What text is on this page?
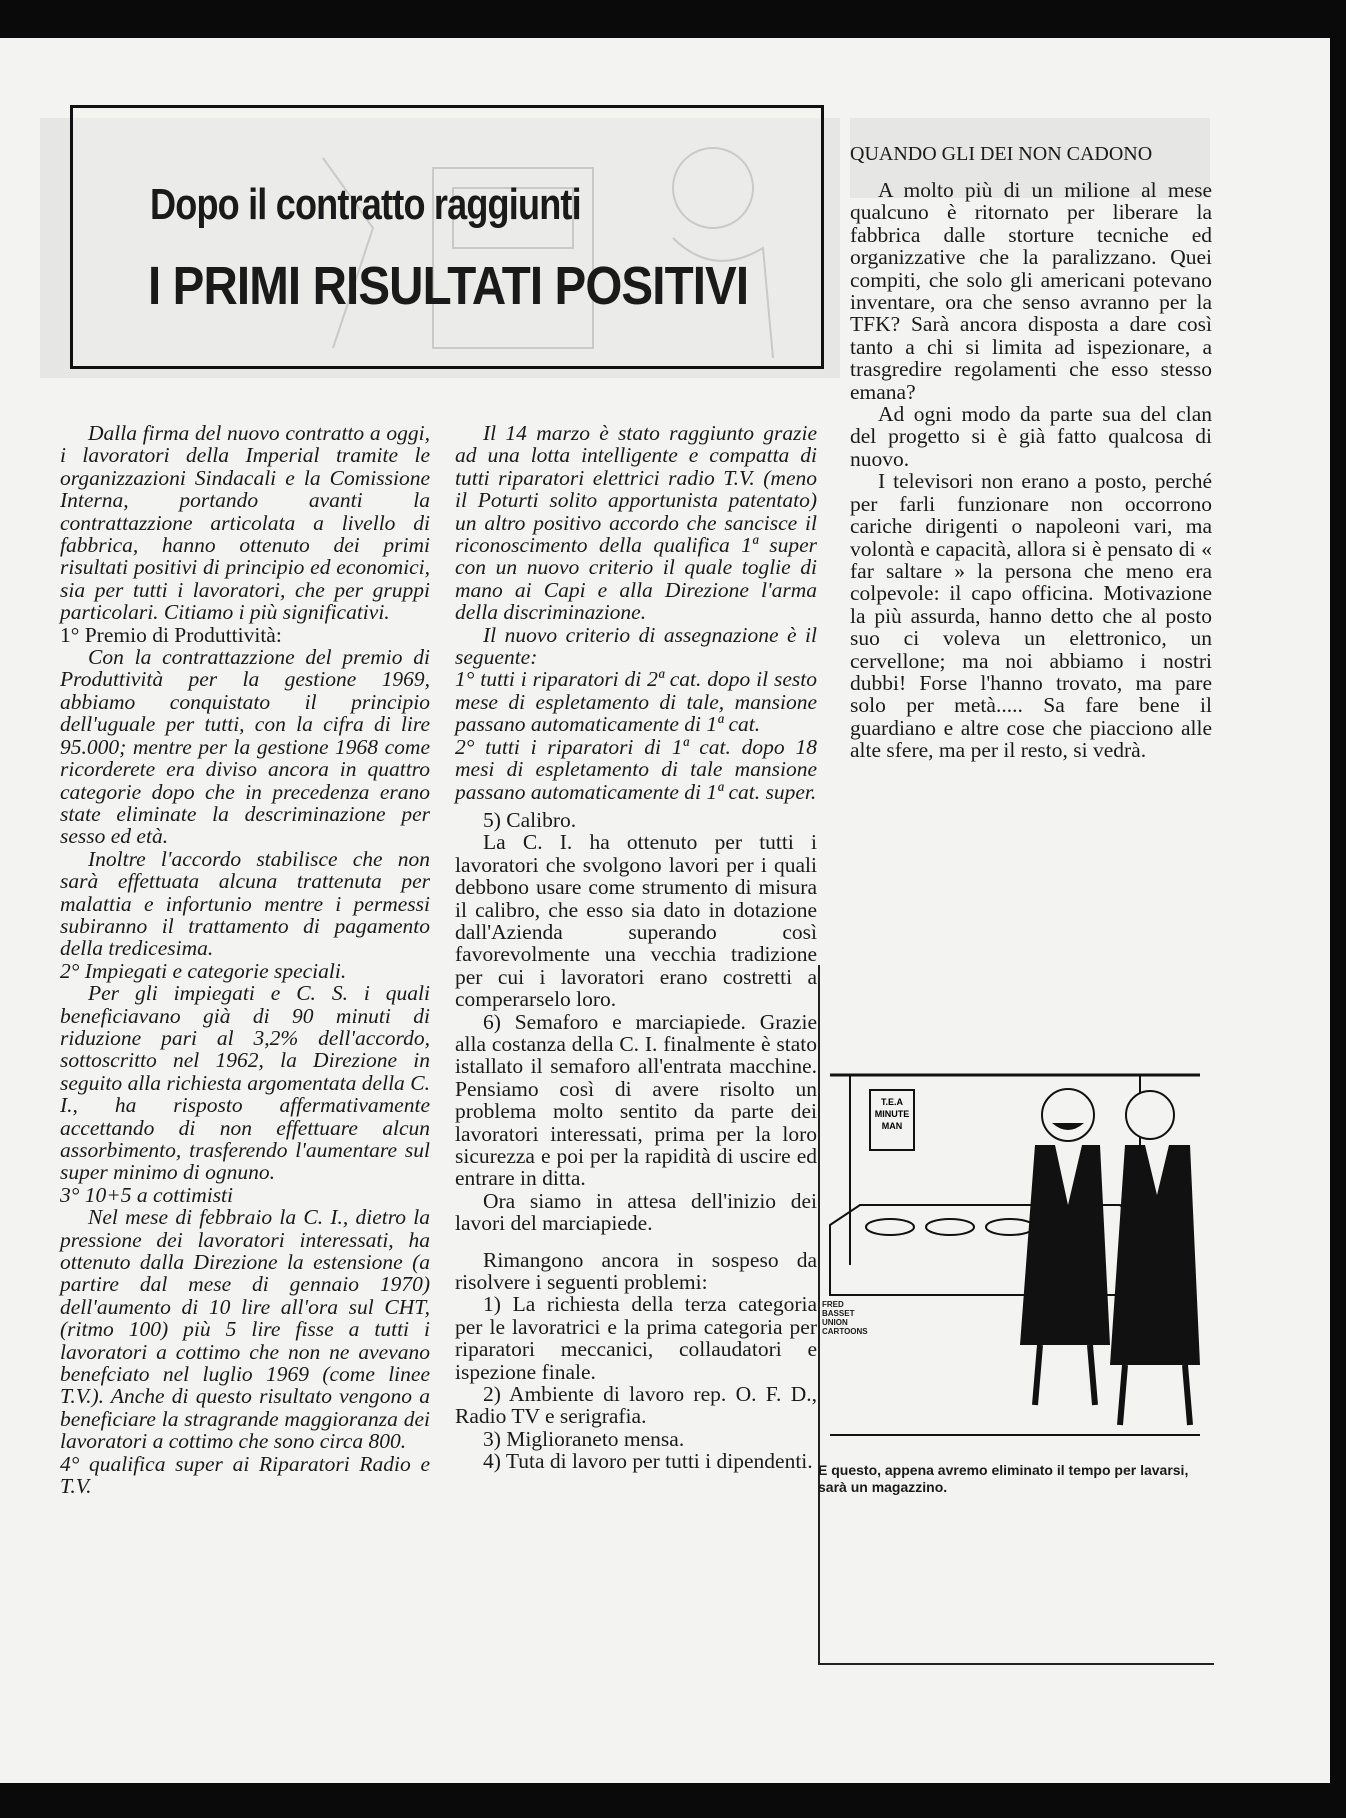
Dopo il contratto raggiunti
I PRIMI RISULTATI POSITIVI

Dalla firma del nuovo contratto a oggi, i lavoratori della Imperial tramite le organizzazioni Sindacali e la Comissione Interna, portando avanti la contrattazzione articolata a livello di fabbrica, hanno ottenuto dei primi risultati positivi di principio ed economici, sia per tutti i lavoratori, che per gruppi particolari. Citiamo i più significativi.

1° Premio di Produttività:

Con la contrattazzione del premio di Produttività per la gestione 1969, abbiamo conquistato il principio dell'uguale per tutti, con la cifra di lire 95.000; mentre per la gestione 1968 come ricorderete era diviso ancora in quattro categorie dopo che in precedenza erano state eliminate la descriminazione per sesso ed età.

Inoltre l'accordo stabilisce che non sarà effettuata alcuna trattenuta per malattia e infortunio mentre i permessi subiranno il trattamento di pagamento della tredicesima.

2° Impiegati e categorie speciali.

Per gli impiegati e C. S. i quali beneficiavano già di 90 minuti di riduzione pari al 3,2% dell'accordo, sottoscritto nel 1962, la Direzione in seguito alla richiesta argomentata della C. I., ha risposto affermativamente accettando di non effettuare alcun assorbimento, trasferendo l'aumentare sul super minimo di ognuno.

3° 10+5 a cottimisti

Nel mese di febbraio la C. I., dietro la pressione dei lavoratori interessati, ha ottenuto dalla Direzione la estensione (a partire dal mese di gennaio 1970) dell'aumento di 10 lire all'ora sul CHT, (ritmo 100) più 5 lire fisse a tutti i lavoratori a cottimo che non ne avevano benefciato nel luglio 1969 (come linee T.V.). Anche di questo risultato vengono a beneficiare la stragrande maggioranza dei lavoratori a cottimo che sono circa 800.

4° qualifica super ai Riparatori Radio e T.V.

Il 14 marzo è stato raggiunto grazie ad una lotta intelligente e compatta di tutti riparatori elettrici radio T.V. (meno il Poturti solito apportunista patentato) un altro positivo accordo che sancisce il riconoscimento della qualifica 1ª super con un nuovo criterio il quale toglie di mano ai Capi e alla Direzione l'arma della discriminazione.

Il nuovo criterio di assegnazione è il seguente:

1° tutti i riparatori di 2ª cat. dopo il sesto mese di espletamento di tale, mansione passano automaticamente di 1ª cat.

2° tutti i riparatori di 1ª cat. dopo 18 mesi di espletamento di tale mansione passano automaticamente di 1ª cat. super.

5) Calibro.

La C. I. ha ottenuto per tutti i lavoratori che svolgono lavori per i quali debbono usare come strumento di misura il calibro, che esso sia dato in dotazione dall'Azienda superando così favorevolmente una vecchia tradizione per cui i lavoratori erano costretti a comperarselo loro.

6) Semaforo e marciapiede. Grazie alla costanza della C. I. finalmente è stato istallato il semaforo all'entrata macchine. Pensiamo così di avere risolto un problema molto sentito da parte dei lavoratori interessati, prima per la loro sicurezza e poi per la rapidità di uscire ed entrare in ditta.

Ora siamo in attesa dell'inizio dei lavori del marciapiede.

Rimangono ancora in sospeso da risolvere i seguenti problemi:

1) La richiesta della terza categoria per le lavoratrici e la prima categoria per riparatori meccanici, collaudatori e ispezione finale.

2) Ambiente di lavoro rep. O. F. D., Radio TV e serigrafia.

3) Miglioraneto mensa.

4) Tuta di lavoro per tutti i dipendenti.

QUANDO GLI DEI NON CADONO

A molto più di un milione al mese qualcuno è ritornato per liberare la fabbrica dalle storture tecniche ed organizzative che la paralizzano. Quei compiti, che solo gli americani potevano inventare, ora che senso avranno per la TFK? Sarà ancora disposta a dare così tanto a chi si limita ad ispezionare, a trasgredire regolamenti che esso stesso emana?

Ad ogni modo da parte sua del clan del progetto si è già fatto qualcosa di nuovo.

I televisori non erano a posto, perché per farli funzionare non occorrono cariche dirigenti o napoleoni vari, ma volontà e capacità, allora si è pensato di « far saltare » la persona che meno era colpevole: il capo officina. Motivazione la più assurda, hanno detto che al posto suo ci voleva un elettronico, un cervellone; ma noi abbiamo i nostri dubbi! Forse l'hanno trovato, ma pare solo per metà..... Sa fare bene il guardiano e altre cose che piacciono alle alte sfere, ma per il resto, si vedrà.

T.E.A
MINUTE
MAN
FRED BASSET UNION CARTOONS
E questo, appena avremo eliminato il tempo per lavarsi, sarà un magazzino.
